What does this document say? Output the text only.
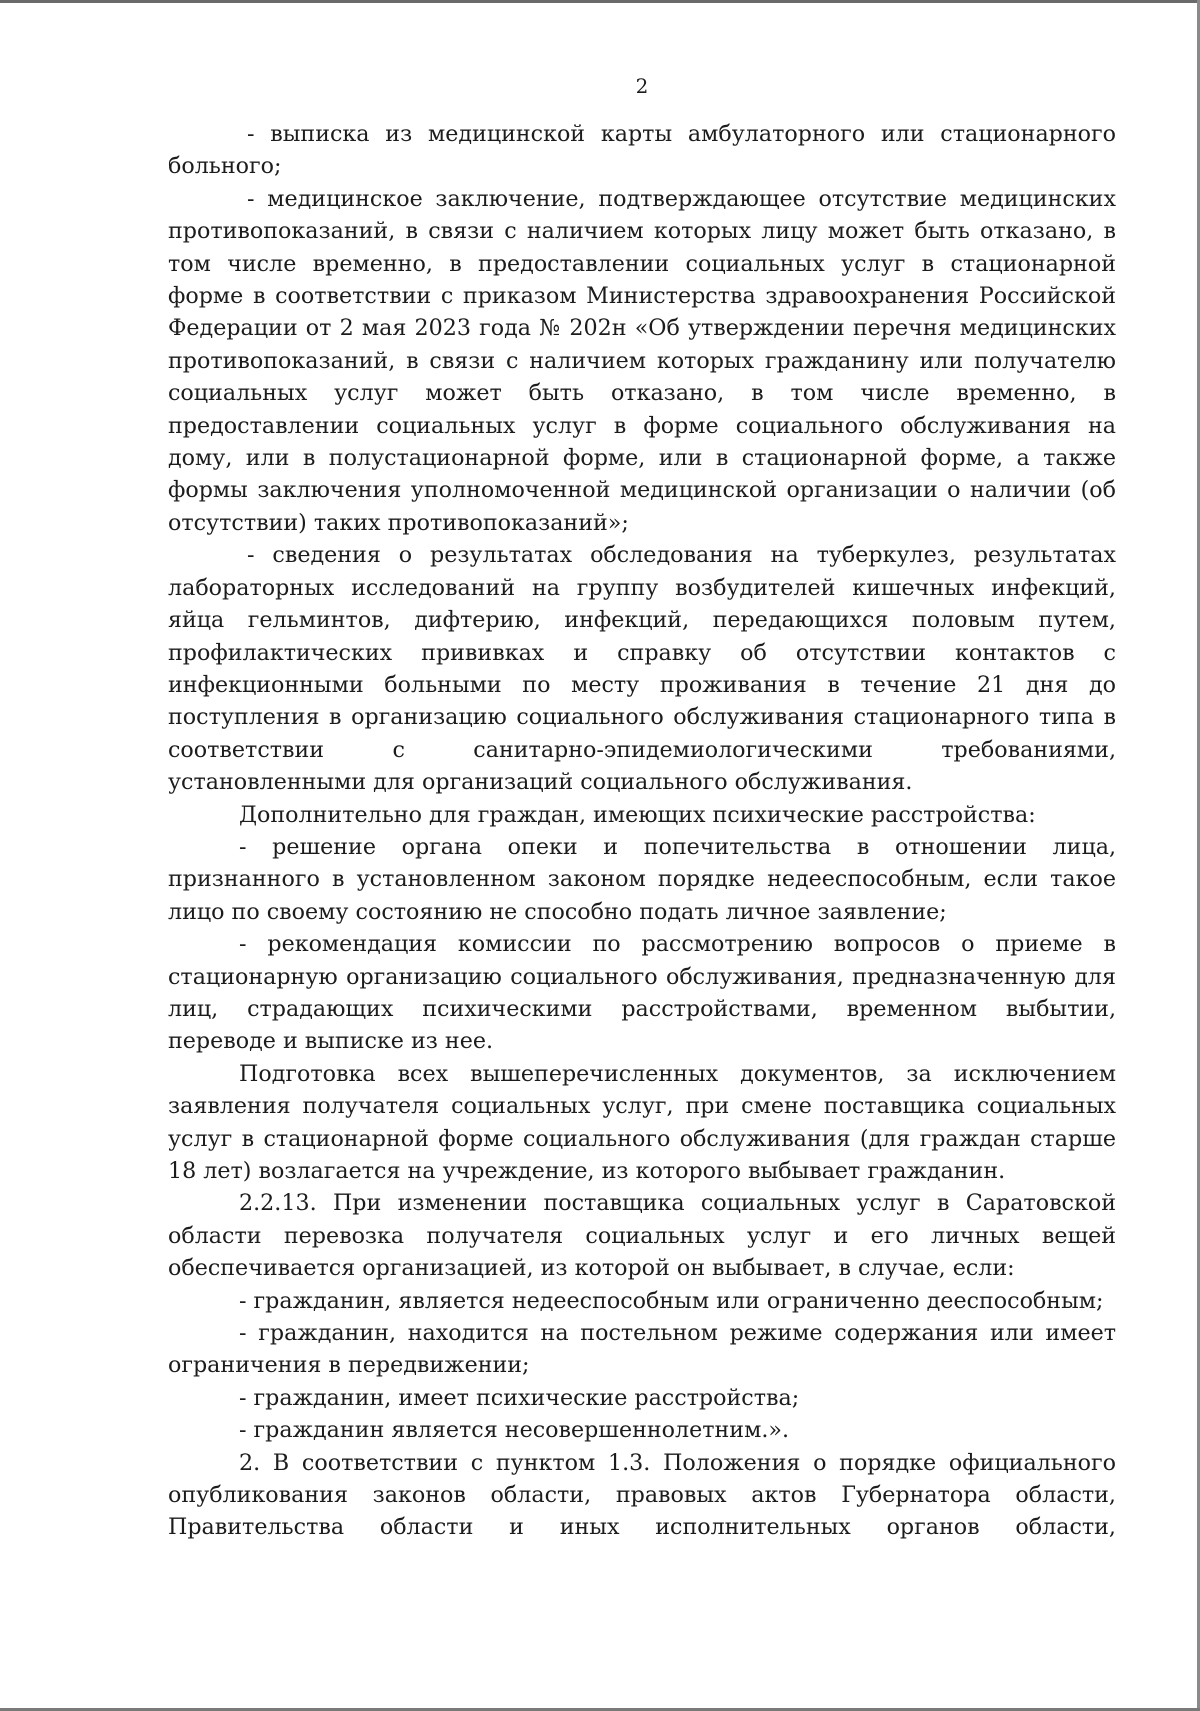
2

- выписка из медицинской карты амбулаторного или стационарного больного;

- медицинское заключение, подтверждающее отсутствие медицинских противопоказаний, в связи с наличием которых лицу может быть отказано, в том числе временно, в предоставлении социальных услуг в стационарной форме в соответствии с приказом Министерства здравоохранения Российской Федерации от 2 мая 2023 года № 202н «Об утверждении перечня медицинских противопоказаний, в связи с наличием которых гражданину или получателю социальных услуг может быть отказано, в том числе временно, в предоставлении социальных услуг в форме социального обслуживания на дому, или в полустационарной форме, или в стационарной форме, а также формы заключения уполномоченной медицинской организации о наличии (об отсутствии) таких противопоказаний»;

- сведения о результатах обследования на туберкулез, результатах лабораторных исследований на группу возбудителей кишечных инфекций, яйца гельминтов, дифтерию, инфекций, передающихся половым путем, профилактических прививках и справку об отсутствии контактов с инфекционными больными по месту проживания в течение 21 дня до поступления в организацию социального обслуживания стационарного типа в соответствии с санитарно-эпидемиологическими требованиями, установленными для организаций социального обслуживания.

Дополнительно для граждан, имеющих психические расстройства:

- решение органа опеки и попечительства в отношении лица, признанного в установленном законом порядке недееспособным, если такое лицо по своему состоянию не способно подать личное заявление;

- рекомендация комиссии по рассмотрению вопросов о приеме в стационарную организацию социального обслуживания, предназначенную для лиц, страдающих психическими расстройствами, временном выбытии, переводе и выписке из нее.

Подготовка всех вышеперечисленных документов, за исключением заявления получателя социальных услуг, при смене поставщика социальных услуг в стационарной форме социального обслуживания (для граждан старше 18 лет) возлагается на учреждение, из которого выбывает гражданин.

2.2.13. При изменении поставщика социальных услуг в Саратовской области перевозка получателя социальных услуг и его личных вещей обеспечивается организацией, из которой он выбывает, в случае, если:

- гражданин, является недееспособным или ограниченно дееспособным;

- гражданин, находится на постельном режиме содержания или имеет ограничения в передвижении;

- гражданин, имеет психические расстройства;

- гражданин является несовершеннолетним.».

2. В соответствии с пунктом 1.3. Положения о порядке официального опубликования законов области, правовых актов Губернатора области, Правительства области и иных исполнительных органов области,
